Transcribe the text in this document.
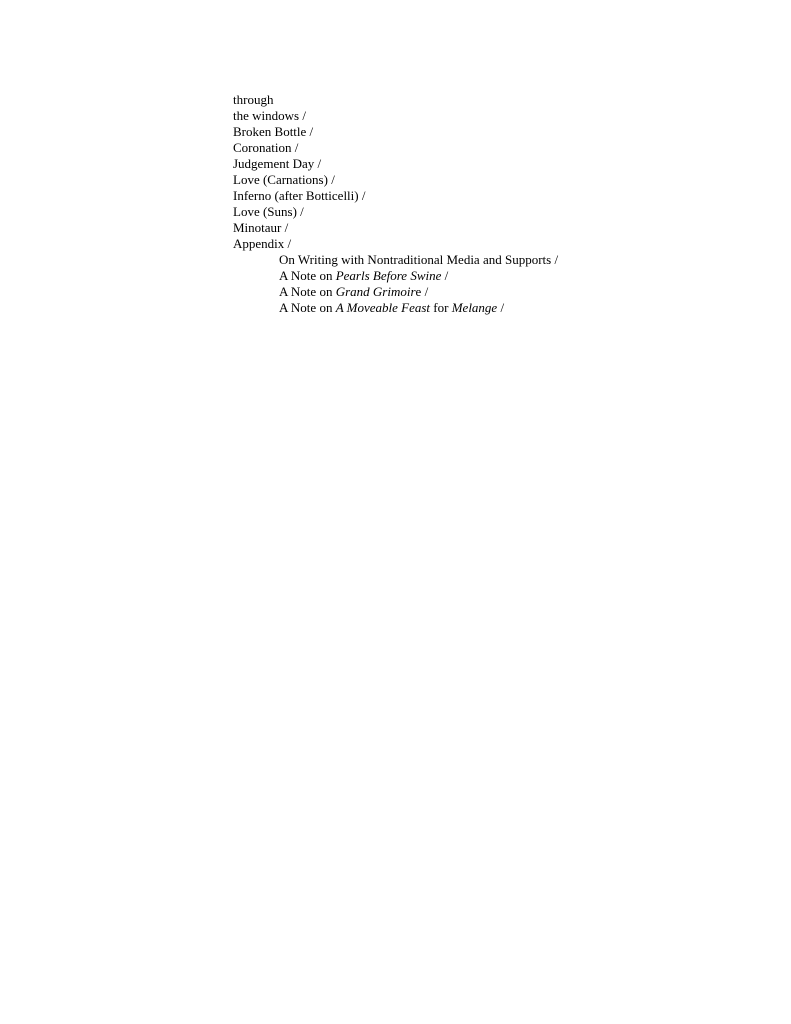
through
the windows /
Broken Bottle /
Coronation /
Judgement Day /
Love (Carnations) /
Inferno (after Botticelli) /
Love (Suns) /
Minotaur /
Appendix /
On Writing with Nontraditional Media and Supports /
A Note on Pearls Before Swine /
A Note on Grand Grimoire /
A Note on A Moveable Feast for Melange /
